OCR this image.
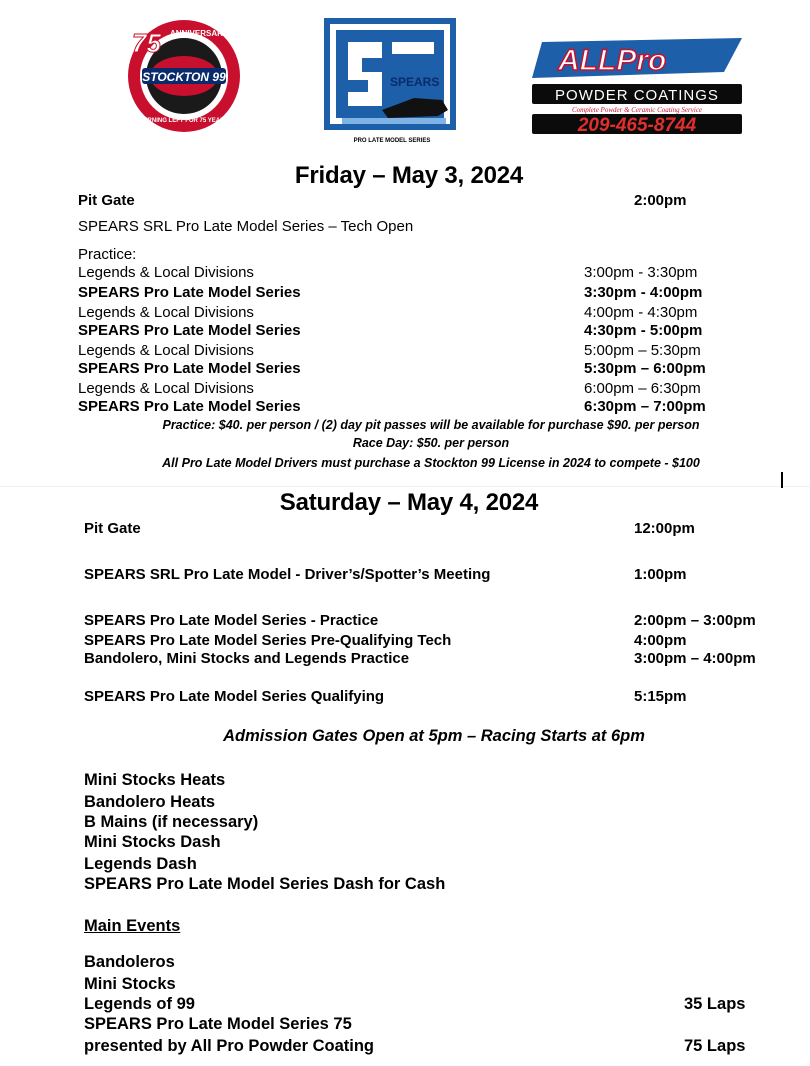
STOCKTON 99
75 ANNIVERSARY
TURNING LEFT FOR 75 YEARS
SPEARS
PRO LATE MODEL SERIES
ALLPro
POWDER COATINGS
Complete Powder & Ceramic Coating Service
209-465-8744
Friday – May 3, 2024
Pit Gate	2:00pm
SPEARS SRL Pro Late Model Series – Tech Open
Practice:
Legends & Local Divisions	3:00pm - 3:30pm
SPEARS Pro Late Model Series	3:30pm - 4:00pm
Legends & Local Divisions	4:00pm - 4:30pm
SPEARS Pro Late Model Series	4:30pm - 5:00pm
Legends & Local Divisions	5:00pm – 5:30pm
SPEARS Pro Late Model Series	5:30pm – 6:00pm
Legends & Local Divisions	6:00pm – 6:30pm
SPEARS Pro Late Model Series	6:30pm – 7:00pm
Practice: $40. per person / (2) day pit passes will be available for purchase $90. per person
Race Day: $50. per person
All Pro Late Model Drivers must purchase a Stockton 99 License in 2024 to compete - $100
Saturday – May 4, 2024
Pit Gate	12:00pm
SPEARS SRL Pro Late Model - Driver’s/Spotter’s Meeting	1:00pm
SPEARS Pro Late Model Series - Practice	2:00pm – 3:00pm
SPEARS Pro Late Model Series Pre-Qualifying Tech	4:00pm
Bandolero, Mini Stocks and Legends Practice	3:00pm – 4:00pm
SPEARS Pro Late Model Series Qualifying	5:15pm
Admission Gates Open at 5pm – Racing Starts at 6pm
Mini Stocks Heats
Bandolero Heats
B Mains (if necessary)
Mini Stocks Dash
Legends Dash
SPEARS Pro Late Model Series Dash for Cash
Main Events
Bandoleros
Mini Stocks
Legends of 99	35 Laps
SPEARS Pro Late Model Series 75
presented by All Pro Powder Coating	75 Laps
